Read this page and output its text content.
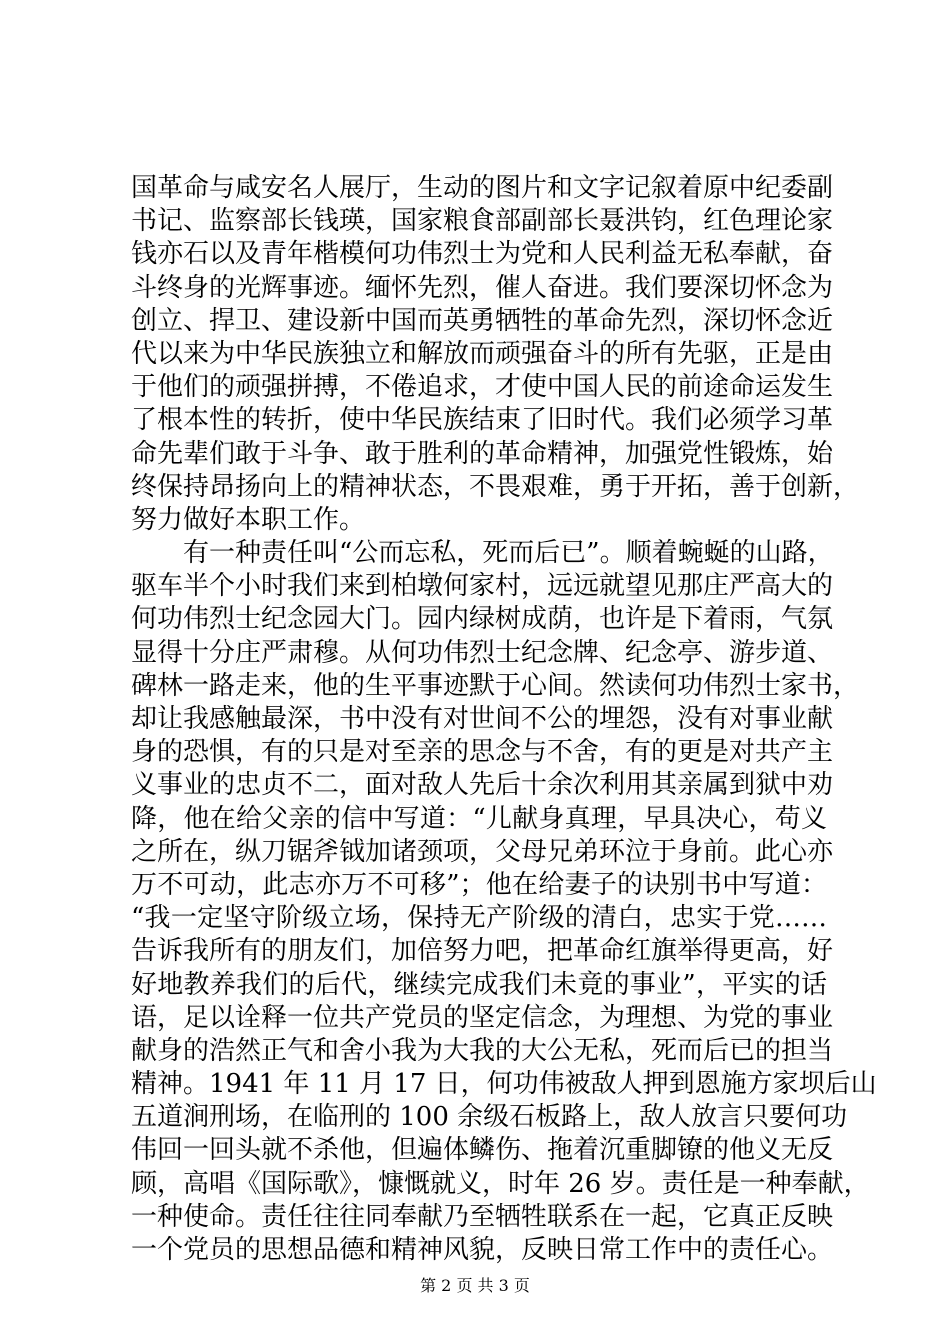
国革命与咸安名人展厅，生动的图片和文字记叙着原中纪委副
书记、监察部长钱瑛，国家粮食部副部长聂洪钧，红色理论家
钱亦石以及青年楷模何功伟烈士为党和人民利益无私奉献，奋
斗终身的光辉事迹。缅怀先烈，催人奋进。我们要深切怀念为
创立、捍卫、建设新中国而英勇牺牲的革命先烈，深切怀念近
代以来为中华民族独立和解放而顽强奋斗的所有先驱，正是由
于他们的顽强拼搏，不倦追求，才使中国人民的前途命运发生
了根本性的转折，使中华民族结束了旧时代。我们必须学习革
命先辈们敢于斗争、敢于胜利的革命精神，加强党性锻炼，始
终保持昂扬向上的精神状态，不畏艰难，勇于开拓，善于创新，
努力做好本职工作。
　　有一种责任叫“公而忘私，死而后已”。顺着蜿蜒的山路，
驱车半个小时我们来到柏墩何家村，远远就望见那庄严高大的
何功伟烈士纪念园大门。园内绿树成荫，也许是下着雨，气氛
显得十分庄严肃穆。从何功伟烈士纪念牌、纪念亭、游步道、
碑林一路走来，他的生平事迹默于心间。然读何功伟烈士家书，
却让我感触最深，书中没有对世间不公的埋怨，没有对事业献
身的恐惧，有的只是对至亲的思念与不舍，有的更是对共产主
义事业的忠贞不二，面对敌人先后十余次利用其亲属到狱中劝
降，他在给父亲的信中写道：“儿献身真理，早具决心，苟义
之所在，纵刀锯斧钺加诸颈项，父母兄弟环泣于身前。此心亦
万不可动，此志亦万不可移”；他在给妻子的诀别书中写道：
“我一定坚守阶级立场，保持无产阶级的清白，忠实于党……
告诉我所有的朋友们，加倍努力吧，把革命红旗举得更高，好
好地教养我们的后代，继续完成我们未竟的事业”，平实的话
语，足以诠释一位共产党员的坚定信念，为理想、为党的事业
献身的浩然正气和舍小我为大我的大公无私，死而后已的担当
精神。1941 年 11 月 17 日，何功伟被敌人押到恩施方家坝后山
五道涧刑场，在临刑的 100 余级石板路上，敌人放言只要何功
伟回一回头就不杀他，但遍体鳞伤、拖着沉重脚镣的他义无反
顾，高唱《国际歌》，慷慨就义，时年 26 岁。责任是一种奉献，
一种使命。责任往往同奉献乃至牺牲联系在一起，它真正反映
一个党员的思想品德和精神风貌，反映日常工作中的责任心。
第 2 页 共 3 页
